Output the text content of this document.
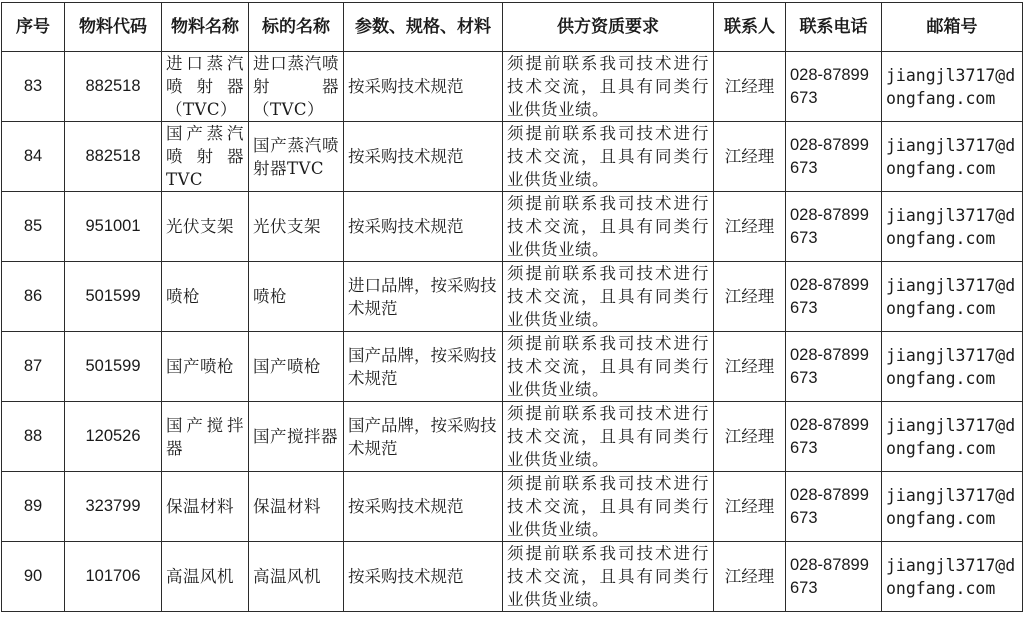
序号	物料代码	物料名称	标的名称	参数、规格、材料	供方资质要求	联系人	联系电话	邮箱号
83	882518	进口蒸汽喷射器（TVC）	进口蒸汽喷射器（TVC）	按采购技术规范	须提前联系我司技术进行技术交流，且具有同类行业供货业绩。	江经理	028-87899673	jiangjl3717@dongfang.com
84	882518	国产蒸汽喷射器TVC	国产蒸汽喷射器TVC	按采购技术规范	须提前联系我司技术进行技术交流，且具有同类行业供货业绩。	江经理	028-87899673	jiangjl3717@dongfang.com
85	951001	光伏支架	光伏支架	按采购技术规范	须提前联系我司技术进行技术交流，且具有同类行业供货业绩。	江经理	028-87899673	jiangjl3717@dongfang.com
86	501599	喷枪	喷枪	进口品牌，按采购技术规范	须提前联系我司技术进行技术交流，且具有同类行业供货业绩。	江经理	028-87899673	jiangjl3717@dongfang.com
87	501599	国产喷枪	国产喷枪	国产品牌，按采购技术规范	须提前联系我司技术进行技术交流，且具有同类行业供货业绩。	江经理	028-87899673	jiangjl3717@dongfang.com
88	120526	国产搅拌器	国产搅拌器	国产品牌，按采购技术规范	须提前联系我司技术进行技术交流，且具有同类行业供货业绩。	江经理	028-87899673	jiangjl3717@dongfang.com
89	323799	保温材料	保温材料	按采购技术规范	须提前联系我司技术进行技术交流，且具有同类行业供货业绩。	江经理	028-87899673	jiangjl3717@dongfang.com
90	101706	高温风机	高温风机	按采购技术规范	须提前联系我司技术进行技术交流，且具有同类行业供货业绩。	江经理	028-87899673	jiangjl3717@dongfang.com
